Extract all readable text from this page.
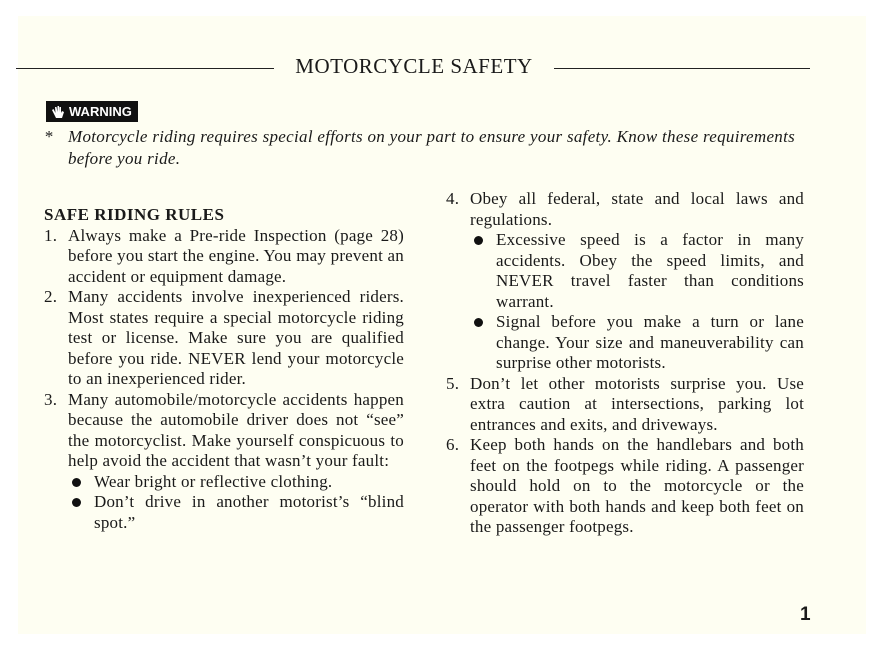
MOTORCYCLE SAFETY
WARNING
* Motorcycle riding requires special efforts on your part to ensure your safety. Know these requirements before you ride.
SAFE RIDING RULES
1. Always make a Pre-ride Inspection (page 28) before you start the engine. You may prevent an accident or equipment damage.
2. Many accidents involve inexperienced riders. Most states require a special motorcycle riding test or license. Make sure you are qualified before you ride. NEVER lend your motorcycle to an inexperienced rider.
3. Many automobile/motorcycle accidents happen because the automobile driver does not “see” the motorcyclist. Make yourself conspicuous to help avoid the accident that wasn’t your fault:
Wear bright or reflective clothing.
Don’t drive in another motorist’s “blind spot.”
4. Obey all federal, state and local laws and regulations.
Excessive speed is a factor in many accidents. Obey the speed limits, and NEVER travel faster than conditions warrant.
Signal before you make a turn or lane change. Your size and maneuverability can surprise other motorists.
5. Don’t let other motorists surprise you. Use extra caution at intersections, parking lot entrances and exits, and driveways.
6. Keep both hands on the handlebars and both feet on the footpegs while riding. A passenger should hold on to the motorcycle or the operator with both hands and keep both feet on the passenger footpegs.
1
